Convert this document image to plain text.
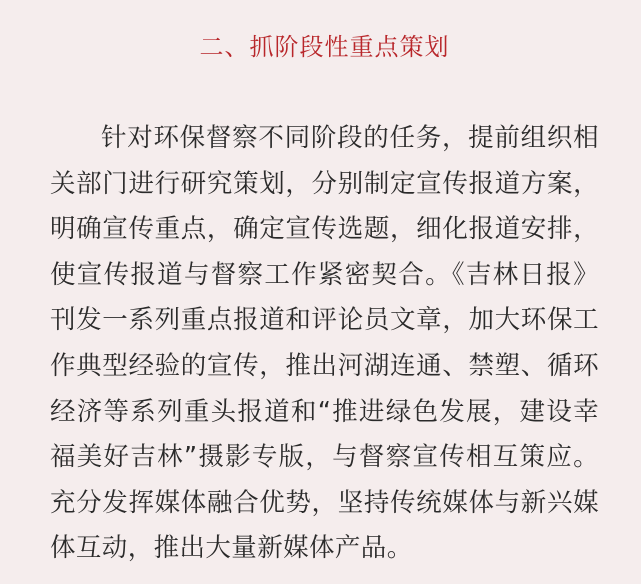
二、抓阶段性重点策划

针对环保督察不同阶段的任务，提前组织相关部门进行研究策划，分别制定宣传报道方案，明确宣传重点，确定宣传选题，细化报道安排，使宣传报道与督察工作紧密契合。《吉林日报》刊发一系列重点报道和评论员文章，加大环保工作典型经验的宣传，推出河湖连通、禁塑、循环经济等系列重头报道和“推进绿色发展，建设幸福美好吉林”摄影专版，与督察宣传相互策应。充分发挥媒体融合优势，坚持传统媒体与新兴媒体互动，推出大量新媒体产品。
